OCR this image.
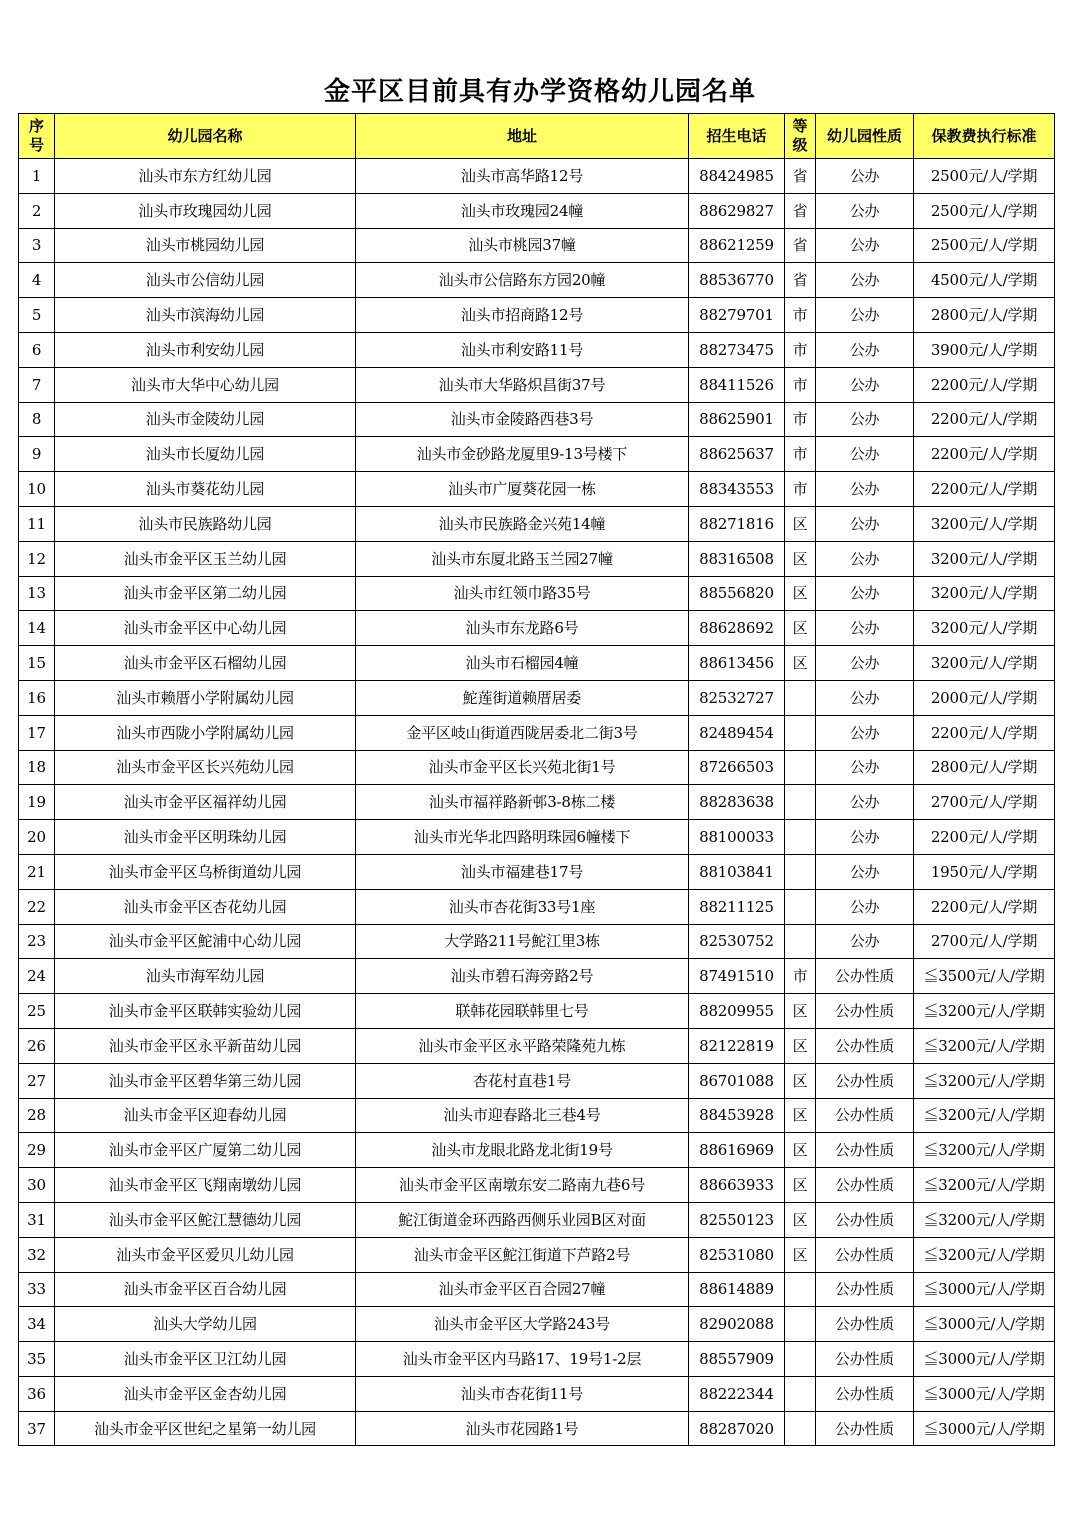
金平区目前具有办学资格幼儿园名单
序号	幼儿园名称	地址	招生电话	等级	幼儿园性质	保教费执行标准
1	汕头市东方红幼儿园	汕头市高华路12号	88424985	省	公办	2500元/人/学期
2	汕头市玫瑰园幼儿园	汕头市玫瑰园24幢	88629827	省	公办	2500元/人/学期
3	汕头市桃园幼儿园	汕头市桃园37幢	88621259	省	公办	2500元/人/学期
4	汕头市公信幼儿园	汕头市公信路东方园20幢	88536770	省	公办	4500元/人/学期
5	汕头市滨海幼儿园	汕头市招商路12号	88279701	市	公办	2800元/人/学期
6	汕头市利安幼儿园	汕头市利安路11号	88273475	市	公办	3900元/人/学期
7	汕头市大华中心幼儿园	汕头市大华路炽昌街37号	88411526	市	公办	2200元/人/学期
8	汕头市金陵幼儿园	汕头市金陵路西巷3号	88625901	市	公办	2200元/人/学期
9	汕头市长厦幼儿园	汕头市金砂路龙厦里9-13号楼下	88625637	市	公办	2200元/人/学期
10	汕头市葵花幼儿园	汕头市广厦葵花园一栋	88343553	市	公办	2200元/人/学期
11	汕头市民族路幼儿园	汕头市民族路金兴苑14幢	88271816	区	公办	3200元/人/学期
12	汕头市金平区玉兰幼儿园	汕头市东厦北路玉兰园27幢	88316508	区	公办	3200元/人/学期
13	汕头市金平区第二幼儿园	汕头市红领巾路35号	88556820	区	公办	3200元/人/学期
14	汕头市金平区中心幼儿园	汕头市东龙路6号	88628692	区	公办	3200元/人/学期
15	汕头市金平区石榴幼儿园	汕头市石榴园4幢	88613456	区	公办	3200元/人/学期
16	汕头市赖厝小学附属幼儿园	鮀莲街道赖厝居委	82532727		公办	2000元/人/学期
17	汕头市西陇小学附属幼儿园	金平区岐山街道西陇居委北二街3号	82489454		公办	2200元/人/学期
18	汕头市金平区长兴苑幼儿园	汕头市金平区长兴苑北街1号	87266503		公办	2800元/人/学期
19	汕头市金平区福祥幼儿园	汕头市福祥路新邨3-8栋二楼	88283638		公办	2700元/人/学期
20	汕头市金平区明珠幼儿园	汕头市光华北四路明珠园6幢楼下	88100033		公办	2200元/人/学期
21	汕头市金平区乌桥街道幼儿园	汕头市福建巷17号	88103841		公办	1950元/人/学期
22	汕头市金平区杏花幼儿园	汕头市杏花街33号1座	88211125		公办	2200元/人/学期
23	汕头市金平区鮀浦中心幼儿园	大学路211号鮀江里3栋	82530752		公办	2700元/人/学期
24	汕头市海军幼儿园	汕头市碧石海旁路2号	87491510	市	公办性质	≦3500元/人/学期
25	汕头市金平区联韩实验幼儿园	联韩花园联韩里七号	88209955	区	公办性质	≦3200元/人/学期
26	汕头市金平区永平新苗幼儿园	汕头市金平区永平路荣隆苑九栋	82122819	区	公办性质	≦3200元/人/学期
27	汕头市金平区碧华第三幼儿园	杏花村直巷1号	86701088	区	公办性质	≦3200元/人/学期
28	汕头市金平区迎春幼儿园	汕头市迎春路北三巷4号	88453928	区	公办性质	≦3200元/人/学期
29	汕头市金平区广厦第二幼儿园	汕头市龙眼北路龙北街19号	88616969	区	公办性质	≦3200元/人/学期
30	汕头市金平区飞翔南墩幼儿园	汕头市金平区南墩东安二路南九巷6号	88663933	区	公办性质	≦3200元/人/学期
31	汕头市金平区鮀江慧德幼儿园	鮀江街道金环西路西侧乐业园B区对面	82550123	区	公办性质	≦3200元/人/学期
32	汕头市金平区爱贝儿幼儿园	汕头市金平区鮀江街道下芦路2号	82531080	区	公办性质	≦3200元/人/学期
33	汕头市金平区百合幼儿园	汕头市金平区百合园27幢	88614889		公办性质	≦3000元/人/学期
34	汕头大学幼儿园	汕头市金平区大学路243号	82902088		公办性质	≦3000元/人/学期
35	汕头市金平区卫江幼儿园	汕头市金平区内马路17、19号1-2层	88557909		公办性质	≦3000元/人/学期
36	汕头市金平区金杏幼儿园	汕头市杏花街11号	88222344		公办性质	≦3000元/人/学期
37	汕头市金平区世纪之星第一幼儿园	汕头市花园路1号	88287020		公办性质	≦3000元/人/学期
